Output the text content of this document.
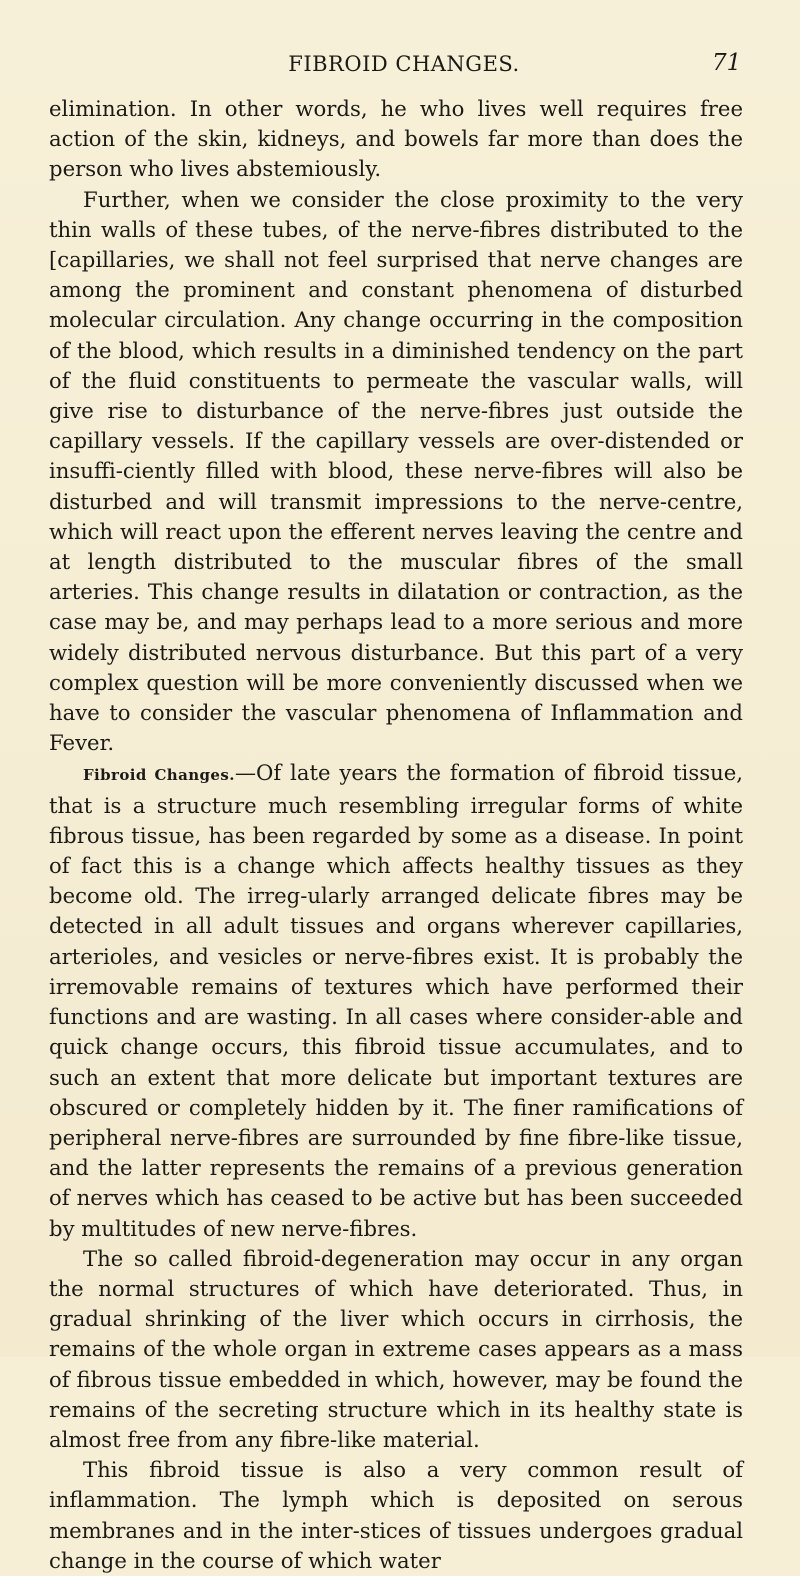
FIBROID CHANGES.	71

elimination. In other words, he who lives well requires free action of the skin, kidneys, and bowels far more than does the person who lives abstemiously.

Further, when we consider the close proximity to the very thin walls of these tubes, of the nerve-fibres distributed to the [capillaries, we shall not feel surprised that nerve changes are among the prominent and constant phenomena of disturbed molecular circulation. Any change occurring in the composition of the blood, which results in a diminished tendency on the part of the fluid constituents to permeate the vascular walls, will give rise to disturbance of the nerve-fibres just outside the capillary vessels. If the capillary vessels are over-distended or insuffi-ciently filled with blood, these nerve-fibres will also be disturbed and will transmit impressions to the nerve-centre, which will react upon the efferent nerves leaving the centre and at length distributed to the muscular fibres of the small arteries. This change results in dilatation or contraction, as the case may be, and may perhaps lead to a more serious and more widely distributed nervous disturbance. But this part of a very complex question will be more conveniently discussed when we have to consider the vascular phenomena of Inflammation and Fever.

Fibroid Changes.—Of late years the formation of fibroid tissue, that is a structure much resembling irregular forms of white fibrous tissue, has been regarded by some as a disease. In point of fact this is a change which affects healthy tissues as they become old. The irreg-ularly arranged delicate fibres may be detected in all adult tissues and organs wherever capillaries, arterioles, and vesicles or nerve-fibres exist. It is probably the irremovable remains of textures which have performed their functions and are wasting. In all cases where consider-able and quick change occurs, this fibroid tissue accumulates, and to such an extent that more delicate but important textures are obscured or completely hidden by it. The finer ramifications of peripheral nerve-fibres are surrounded by fine fibre-like tissue, and the latter represents the remains of a previous generation of nerves which has ceased to be active but has been succeeded by multitudes of new nerve-fibres.

The so called fibroid-degeneration may occur in any organ the normal structures of which have deteriorated. Thus, in gradual shrinking of the liver which occurs in cirrhosis, the remains of the whole organ in extreme cases appears as a mass of fibrous tissue embedded in which, however, may be found the remains of the secreting structure which in its healthy state is almost free from any fibre-like material.

This fibroid tissue is also a very common result of inflammation. The lymph which is deposited on serous membranes and in the inter-stices of tissues undergoes gradual change in the course of which water
